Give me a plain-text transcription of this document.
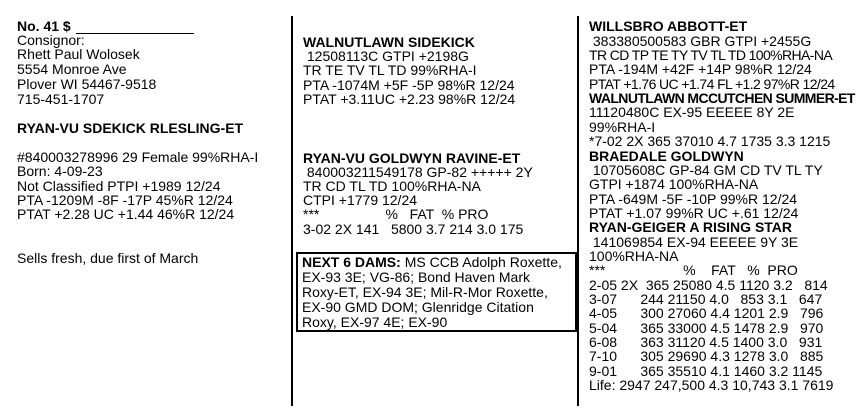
No. 41 $
Consignor:
Rhett Paul Wolosek
5554 Monroe Ave
Plover WI 54467-9518
715-451-1707
RYAN-VU SDEKICK RLESLING-ET
#840003278996 29 Female 99%RHA-I
Born: 4-09-23
Not Classified PTPI +1989 12/24
PTA -1209M -8F -17P 45%R 12/24
PTAT +2.28 UC +1.44 46%R 12/24
Sells fresh, due first of March
WALNUTLAWN SIDEKICK
12508113C GTPI +2198G
TR TE TV TL TD 99%RHA-I
PTA -1074M +5F -5P 98%R 12/24
PTAT +3.11UC +2.23 98%R 12/24
RYAN-VU GOLDWYN RAVINE-ET
840003211549178 GP-82 +++++ 2Y
TR CD TL TD 100%RHA-NA
CTPI +1779 12/24
***                 %   FAT  % PRO
3-02 2X 141   5800 3.7 214 3.0 175
NEXT 6 DAMS: MS CCB Adolph Roxette,
EX-93 3E; VG-86; Bond Haven Mark
Roxy-ET, EX-94 3E; Mil-R-Mor Roxette,
EX-90 GMD DOM; Glenridge Citation
Roxy, EX-97 4E; EX-90
WILLSBRO ABBOTT-ET
383380500583 GBR GTPI +2455G
TR CD TP TE TY TV TL TD 100%RHA-NA
PTA -194M +42F +14P 98%R 12/24
PTAT +1.76 UC +1.74 FL +1.2 97%R 12/24
WALNUTLAWN MCCUTCHEN SUMMER-ET
11120480C EX-95 EEEEE 8Y 2E
99%RHA-I
*7-02 2X 365 37010 4.7 1735 3.3 1215
BRAEDALE GOLDWYN
10705608C GP-84 GM CD TV TL TY
GTPI +1874 100%RHA-NA
PTA -649M -5F -10P 99%R 12/24
PTAT +1.07 99%R UC +.61 12/24
RYAN-GEIGER A RISING STAR
141069854 EX-94 EEEEE 9Y 3E
100%RHA-NA
***                    %    FAT   %  PRO
2-05 2X  365 25080 4.5 1120 3.2   814
3-07      244 21150 4.0   853 3.1   647
4-05      300 27060 4.4 1201 2.9   796
5-04      365 33000 4.5 1478 2.9   970
6-08      363 31120 4.5 1400 3.0   931
7-10      305 29690 4.3 1278 3.0   885
9-01      365 35510 4.1 1460 3.2 1145
Life: 2947 247,500 4.3 10,743 3.1 7619
